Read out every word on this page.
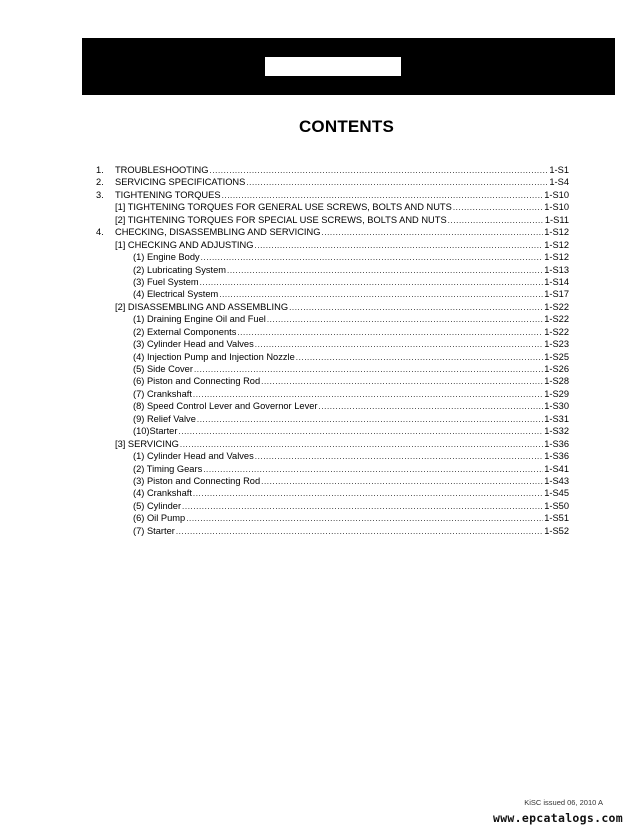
CONTENTS
1.	TROUBLESHOOTING .....	1-S1
2.	SERVICING SPECIFICATIONS .....	1-S4
3.	TIGHTENING TORQUES .....	1-S10
[1] TIGHTENING TORQUES FOR GENERAL USE SCREWS, BOLTS AND NUTS .....	1-S10
[2] TIGHTENING TORQUES FOR SPECIAL USE SCREWS, BOLTS AND NUTS .....	1-S11
4.	CHECKING, DISASSEMBLING AND SERVICING .....	1-S12
[1] CHECKING AND ADJUSTING .....	1-S12
(1) Engine Body .....	1-S12
(2) Lubricating System .....	1-S13
(3) Fuel System .....	1-S14
(4) Electrical System .....	1-S17
[2] DISASSEMBLING AND ASSEMBLING .....	1-S22
(1) Draining Engine Oil and Fuel .....	1-S22
(2) External Components .....	1-S22
(3) Cylinder Head and Valves .....	1-S23
(4) Injection Pump and Injection Nozzle .....	1-S25
(5) Side Cover .....	1-S26
(6) Piston and Connecting Rod .....	1-S28
(7) Crankshaft .....	1-S29
(8) Speed Control Lever and Governor Lever .....	1-S30
(9) Relief Valve .....	1-S31
(10)Starter .....	1-S32
[3] SERVICING .....	1-S36
(1) Cylinder Head and Valves .....	1-S36
(2) Timing Gears .....	1-S41
(3) Piston and Connecting Rod .....	1-S43
(4) Crankshaft .....	1-S45
(5) Cylinder .....	1-S50
(6) Oil Pump .....	1-S51
(7) Starter .....	1-S52
KiSC issued 06, 2010 A
www.epcatalogs.com
